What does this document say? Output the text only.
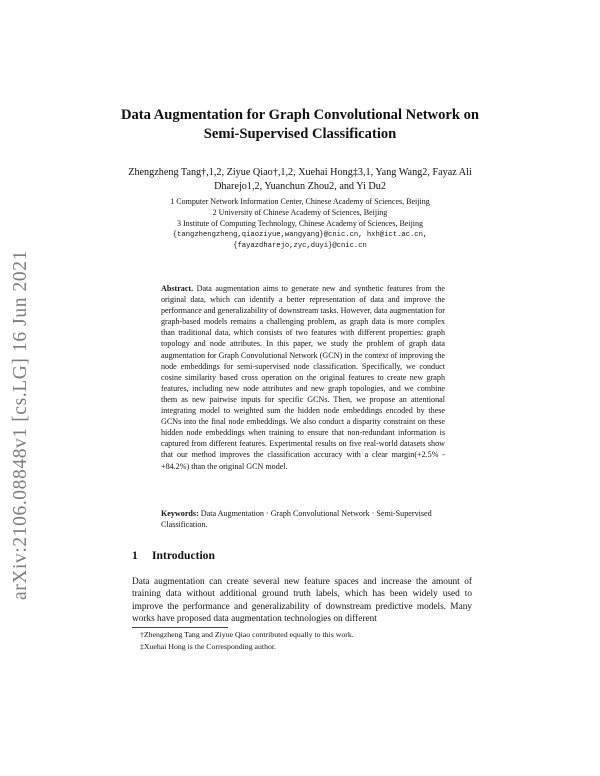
arXiv:2106.08848v1 [cs.LG] 16 Jun 2021
Data Augmentation for Graph Convolutional Network on Semi-Supervised Classification
Zhengzheng Tang†,1,2, Ziyue Qiao†,1,2, Xuehai Hong‡3,1, Yang Wang2, Fayaz Ali Dharejo1,2, Yuanchun Zhou2, and Yi Du2
1 Computer Network Information Center, Chinese Academy of Sciences, Beijing
2 University of Chinese Academy of Sciences, Beijing
3 Institute of Computing Technology, Chinese Academy of Sciences, Beijing
{tangzhengzheng,qiaoziyue,wangyang}@cnic.cn, hxh@ict.ac.cn,
{fayazdharejo,zyc,duyi}@cnic.cn
Abstract. Data augmentation aims to generate new and synthetic features from the original data, which can identify a better representation of data and improve the performance and generalizability of downstream tasks. However, data augmentation for graph-based models remains a challenging problem, as graph data is more complex than traditional data, which consists of two features with different properties: graph topology and node attributes. In this paper, we study the problem of graph data augmentation for Graph Convolutional Network (GCN) in the context of improving the node embeddings for semi-supervised node classification. Specifically, we conduct cosine similarity based cross operation on the original features to create new graph features, including new node attributes and new graph topologies, and we combine them as new pairwise inputs for specific GCNs. Then, we propose an attentional integrating model to weighted sum the hidden node embeddings encoded by these GCNs into the final node embeddings. We also conduct a disparity constraint on these hidden node embeddings when training to ensure that non-redundant information is captured from different features. Experimental results on five real-world datasets show that our method improves the classification accuracy with a clear margin(+2.5% - +84.2%) than the original GCN model.
Keywords: Data Augmentation · Graph Convolutional Network · Semi-Supervised Classification.
1 Introduction
Data augmentation can create several new feature spaces and increase the amount of training data without additional ground truth labels, which has been widely used to improve the performance and generalizability of downstream predictive models. Many works have proposed data augmentation technologies on different
†Zhengzheng Tang and Ziyue Qiao contributed equally to this work.
‡Xuehai Hong is the Corresponding author.
